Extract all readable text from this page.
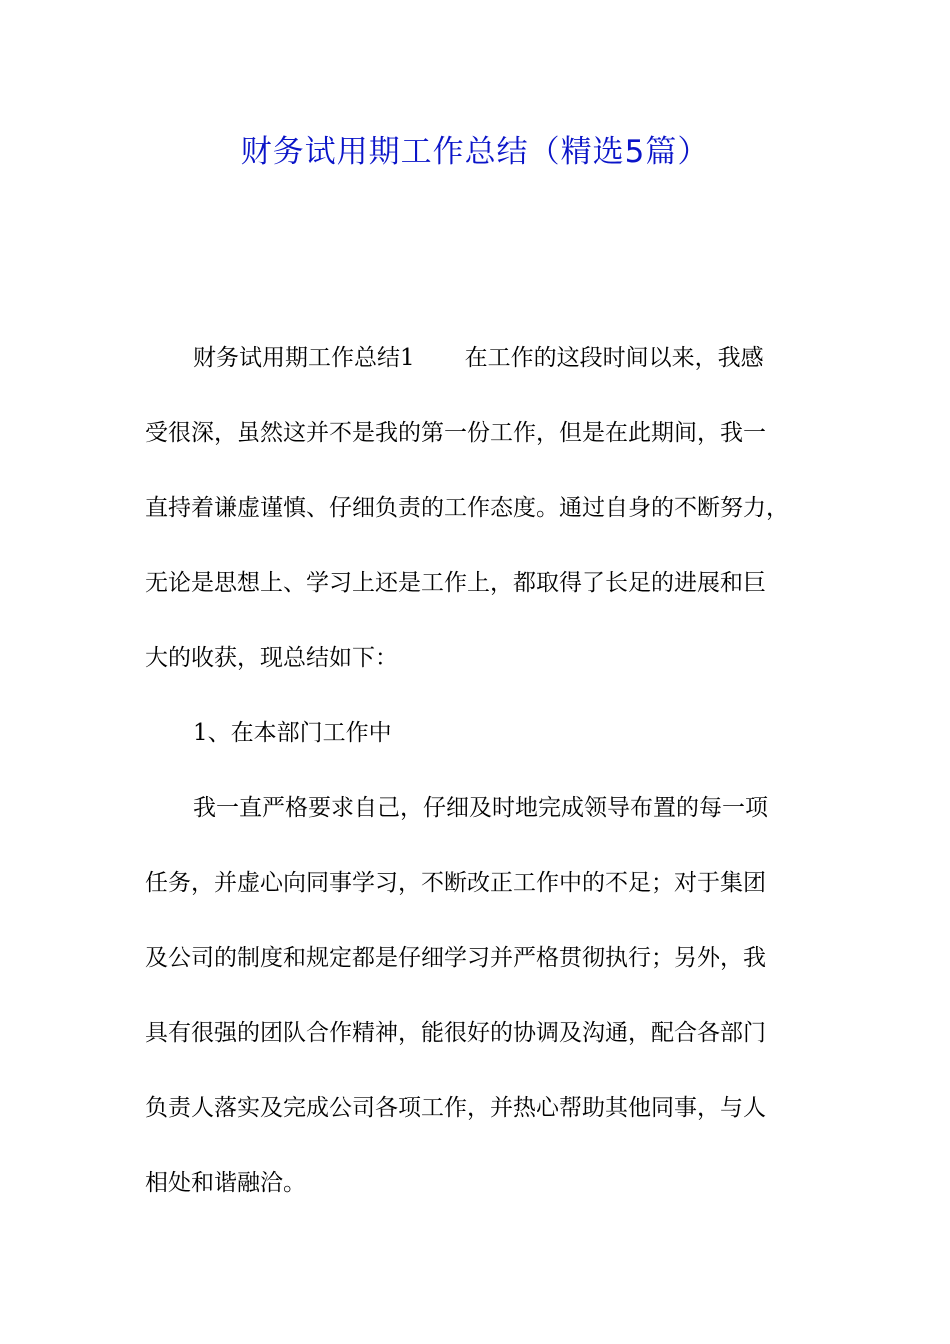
财务试用期工作总结（精选5篇）
财务试用期工作总结1 在工作的这段时间以来，我感
受很深，虽然这并不是我的第一份工作，但是在此期间，我一
直持着谦虚谨慎、仔细负责的工作态度。通过自身的不断努力，
无论是思想上、学习上还是工作上，都取得了长足的进展和巨
大的收获，现总结如下：
1、在本部门工作中
我一直严格要求自己，仔细及时地完成领导布置的每一项
任务，并虚心向同事学习，不断改正工作中的不足；对于集团
及公司的制度和规定都是仔细学习并严格贯彻执行；另外，我
具有很强的团队合作精神，能很好的协调及沟通，配合各部门
负责人落实及完成公司各项工作，并热心帮助其他同事，与人
相处和谐融洽。
